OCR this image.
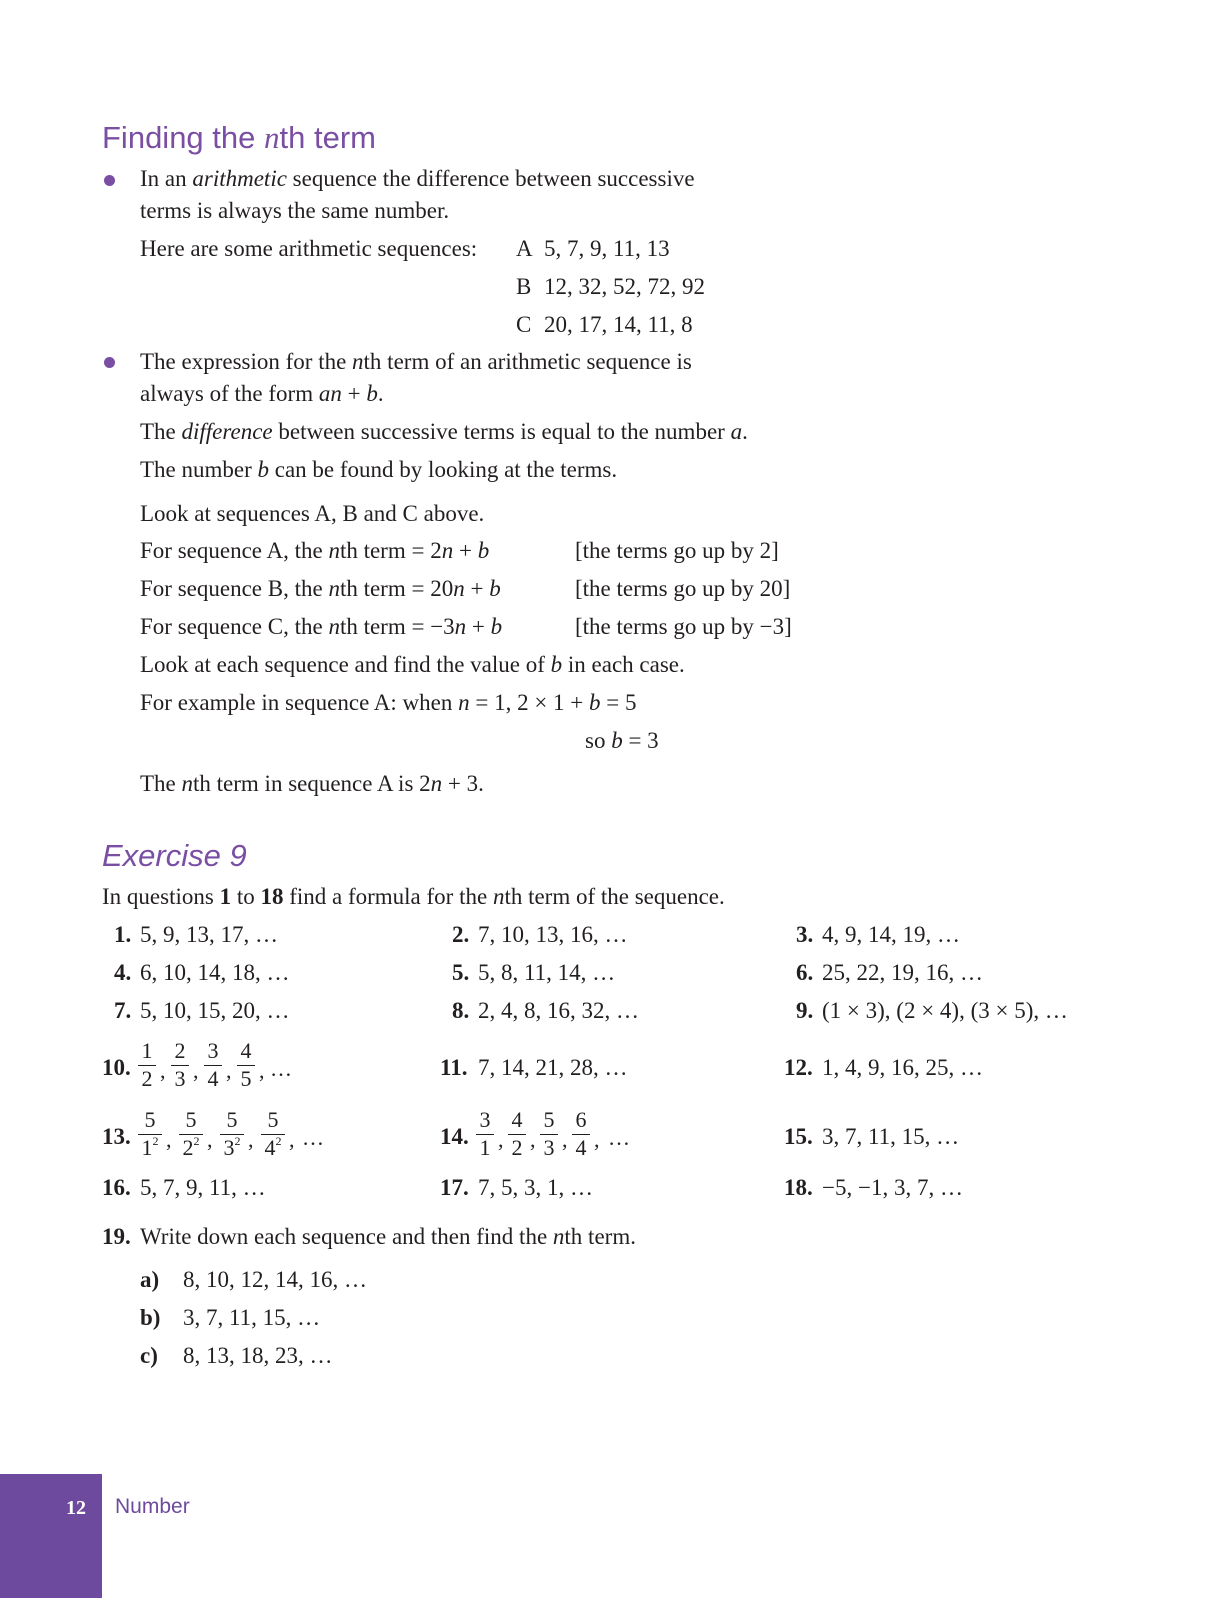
Finding the nth term
In an arithmetic sequence the difference between successive
terms is always the same number.
Here are some arithmetic sequences: A 5, 7, 9, 11, 13
B 12, 32, 52, 72, 92
C 20, 17, 14, 11, 8
The expression for the nth term of an arithmetic sequence is
always of the form an + b.
The difference between successive terms is equal to the number a.
The number b can be found by looking at the terms.
Look at sequences A, B and C above.
For sequence A, the nth term = 2n + b	[the terms go up by 2]
For sequence B, the nth term = 20n + b	[the terms go up by 20]
For sequence C, the nth term = −3n + b	[the terms go up by −3]
Look at each sequence and find the value of b in each case.
For example in sequence A: when n = 1, 2 × 1 + b = 5
so b = 3
The nth term in sequence A is 2n + 3.
Exercise 9
In questions 1 to 18 find a formula for the nth term of the sequence.
1. 5, 9, 13, 17, …	2. 7, 10, 13, 16, …	3. 4, 9, 14, 19, …
4. 6, 10, 14, 18, …	5. 5, 8, 11, 14, …	6. 25, 22, 19, 16, …
7. 5, 10, 15, 20, …	8. 2, 4, 8, 16, 32, …	9. (1 × 3), (2 × 4), (3 × 5), …
10.
1
2 ,
2
3 ,
3
4 ,
4
5 , …	11. 7, 14, 21, 28, …	12. 1, 4, 9, 16, 25, …
13.
5
$1^2$ ,
5
$2^2$ ,
5
$3^2$ ,
5
$4^2$ , …	14.
3
1 ,
4
2 ,
5
3 ,
6
4 , …	15. 3, 7, 11, 15, …
16. 5, 7, 9, 11, …	17. 7, 5, 3, 1, …	18. −5, −1, 3, 7, …
19. Write down each sequence and then find the nth term.
a) 8, 10, 12, 14, 16, …
b) 3, 7, 11, 15, …
c) 8, 13, 18, 23, …
12 Number
